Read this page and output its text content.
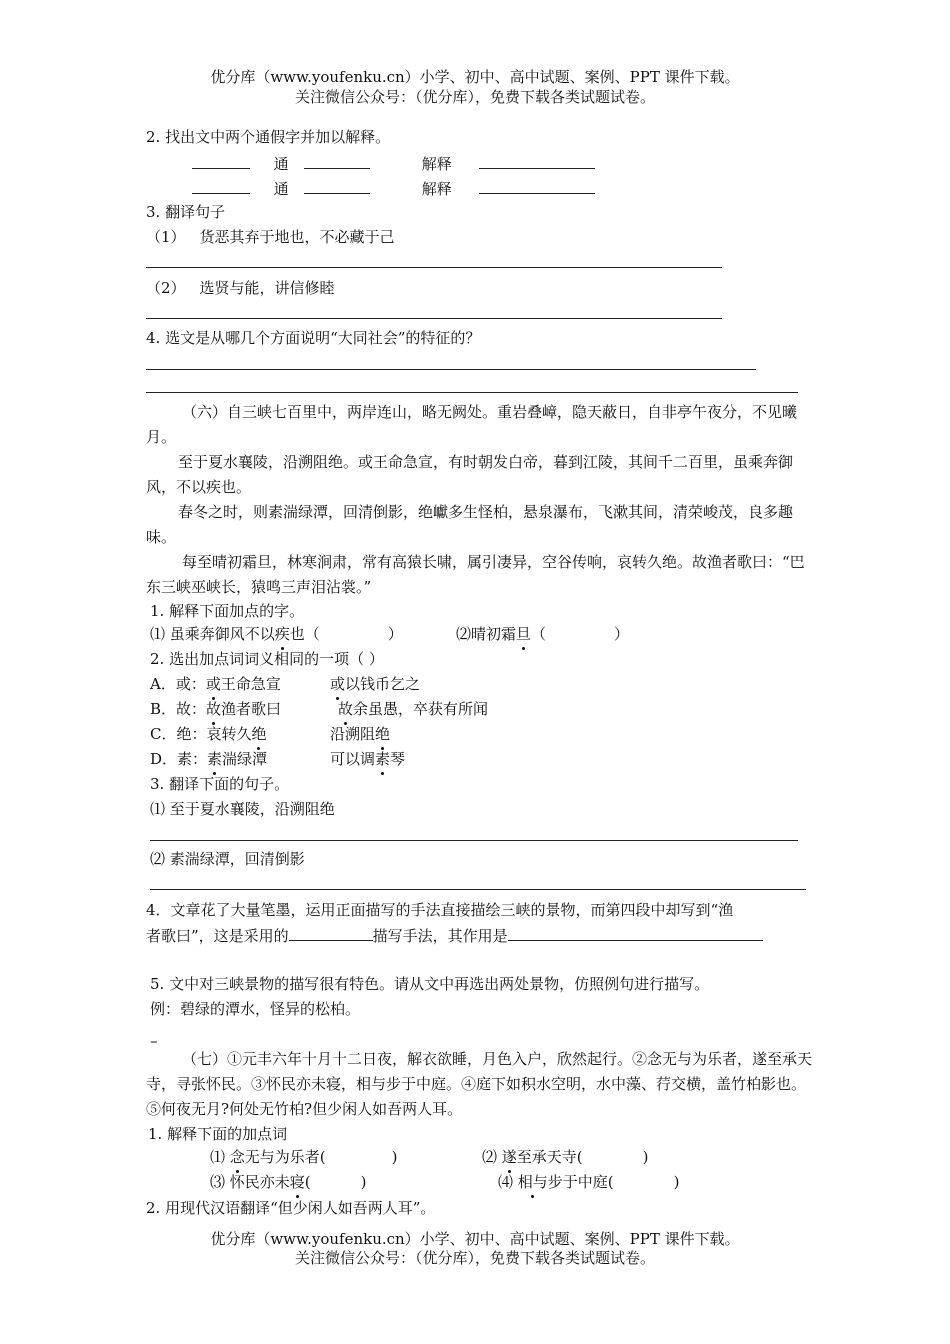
优分库（www.youfenku.cn）小学、初中、高中试题、案例、PPT 课件下载。
关注微信公众号：（优分库），免费下载各类试题试卷。
2. 找出文中两个通假字并加以解释。
通	解释
通	解释
3. 翻译句子
（1） 货恶其弃于地也，不必藏于己
（2） 选贤与能，讲信修睦
4. 选文是从哪几个方面说明“大同社会”的特征的？
（六）自三峡七百里中，两岸连山，略无阙处。重岩叠嶂，隐天蔽日，自非亭午夜分，不见曦月。
至于夏水襄陵，沿溯阻绝。或王命急宣，有时朝发白帝，暮到江陵，其间千二百里，虽乘奔御风，不以疾也。
春冬之时，则素湍绿潭，回清倒影，绝巘多生怪柏，悬泉瀑布，飞漱其间，清荣峻茂，良多趣味。
每至晴初霜旦，林寒涧肃，常有高猿长啸，属引凄异，空谷传响，哀转久绝。故渔者歌曰：“巴东三峡巫峡长，猿鸣三声泪沾裳。”
1. 解释下面加点的字。
⑴ 虽乘奔御风不以疾也（	）	⑵晴初霜旦（	）
2. 选出加点词词义相同的一项（ ）
A．或：或王命急宣	或以钱币乞之
B．故：故渔者歌曰	故余虽愚，卒获有所闻
C．绝：哀转久绝	沿溯阻绝
D．素：素湍绿潭	可以调素琴
3. 翻译下面的句子。
⑴ 至于夏水襄陵，沿溯阻绝
⑵ 素湍绿潭，回清倒影
4．文章花了大量笔墨，运用正面描写的手法直接描绘三峡的景物，而第四段中却写到“渔
者歌曰”，这是采用的	描写手法，其作用是
5. 文中对三峡景物的描写很有特色。请从文中再选出两处景物，仿照例句进行描写。
例：碧绿的潭水，怪异的松柏。
–
（七）①元丰六年十月十二日夜，解衣欲睡，月色入户，欣然起行。②念无与为乐者，遂至承天寺，寻张怀民。③怀民亦未寝，相与步于中庭。④庭下如积水空明，水中藻、荇交横，盖竹柏影也。⑤何夜无月?何处无竹柏?但少闲人如吾两人耳。
1. 解释下面的加点词
⑴ 念无与为乐者(	)	⑵ 遂至承天寺(	)
⑶ 怀民亦未寝(	)	⑷ 相与步于中庭(	)
2. 用现代汉语翻译“但少闲人如吾两人耳”。
优分库（www.youfenku.cn）小学、初中、高中试题、案例、PPT 课件下载。
关注微信公众号：（优分库），免费下载各类试题试卷。
